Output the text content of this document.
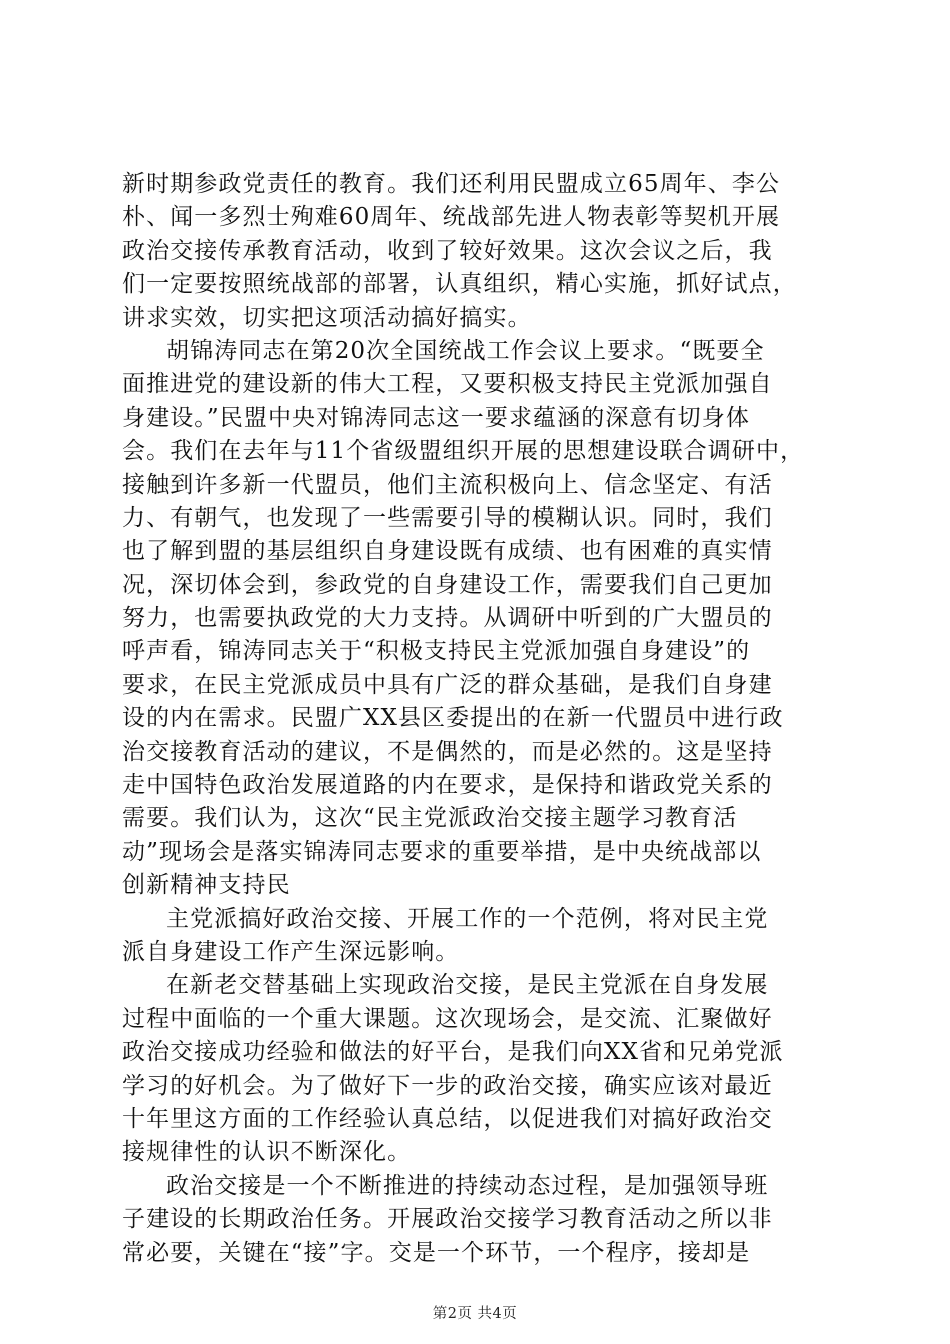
新时期参政党责任的教育。我们还利用民盟成立65周年、李公
朴、闻一多烈士殉难60周年、统战部先进人物表彰等契机开展
政治交接传承教育活动，收到了较好效果。这次会议之后，我
们一定要按照统战部的部署，认真组织，精心实施，抓好试点，
讲求实效，切实把这项活动搞好搞实。
胡锦涛同志在第20次全国统战工作会议上要求。“既要全
面推进党的建设新的伟大工程，又要积极支持民主党派加强自
身建设。”民盟中央对锦涛同志这一要求蕴涵的深意有切身体
会。我们在去年与11个省级盟组织开展的思想建设联合调研中，
接触到许多新一代盟员，他们主流积极向上、信念坚定、有活
力、有朝气，也发现了一些需要引导的模糊认识。同时，我们
也了解到盟的基层组织自身建设既有成绩、也有困难的真实情
况，深切体会到，参政党的自身建设工作，需要我们自己更加
努力，也需要执政党的大力支持。从调研中听到的广大盟员的
呼声看，锦涛同志关于“积极支持民主党派加强自身建设”的
要求，在民主党派成员中具有广泛的群众基础，是我们自身建
设的内在需求。民盟广XX县区委提出的在新一代盟员中进行政
治交接教育活动的建议，不是偶然的，而是必然的。这是坚持
走中国特色政治发展道路的内在要求，是保持和谐政党关系的
需要。我们认为，这次“民主党派政治交接主题学习教育活
动”现场会是落实锦涛同志要求的重要举措，是中央统战部以
创新精神支持民
主党派搞好政治交接、开展工作的一个范例，将对民主党
派自身建设工作产生深远影响。
在新老交替基础上实现政治交接，是民主党派在自身发展
过程中面临的一个重大课题。这次现场会，是交流、汇聚做好
政治交接成功经验和做法的好平台，是我们向XX省和兄弟党派
学习的好机会。为了做好下一步的政治交接，确实应该对最近
十年里这方面的工作经验认真总结，以促进我们对搞好政治交
接规律性的认识不断深化。
政治交接是一个不断推进的持续动态过程，是加强领导班
子建设的长期政治任务。开展政治交接学习教育活动之所以非
常必要，关键在“接”字。交是一个环节，一个程序，接却是
第2页 共4页
